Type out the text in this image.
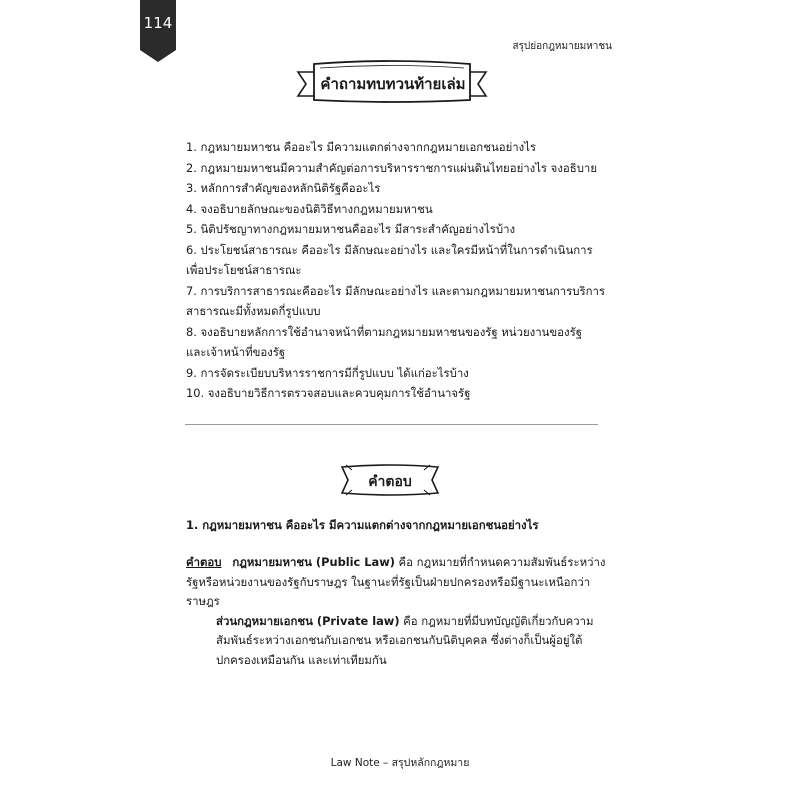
114
สรุปย่อกฎหมายมหาชน
คำถามทบทวนท้ายเล่ม

1. กฎหมายมหาชน คืออะไร มีความแตกต่างจากกฎหมายเอกชนอย่างไร

2. กฎหมายมหาชนมีความสำคัญต่อการบริหารราชการแผ่นดินไทยอย่างไร จงอธิบาย

3. หลักการสำคัญของหลักนิติรัฐคืออะไร

4. จงอธิบายลักษณะของนิติวิธีทางกฎหมายมหาชน

5. นิติปรัชญาทางกฎหมายมหาชนคืออะไร มีสาระสำคัญอย่างไรบ้าง

6. ประโยชน์สาธารณะ คืออะไร มีลักษณะอย่างไร และใครมีหน้าที่ในการดำเนินการเพื่อประโยชน์สาธารณะ

7. การบริการสาธารณะคืออะไร มีลักษณะอย่างไร และตามกฎหมายมหาชนการบริการสาธารณะมีทั้งหมดกี่รูปแบบ

8. จงอธิบายหลักการใช้อำนาจหน้าที่ตามกฎหมายมหาชนของรัฐ หน่วยงานของรัฐ และเจ้าหน้าที่ของรัฐ

9. การจัดระเบียบบริหารราชการมีกี่รูปแบบ ได้แก่อะไรบ้าง

10. จงอธิบายวิธีการตรวจสอบและควบคุมการใช้อำนาจรัฐ

คำตอบ
1. กฎหมายมหาชน คืออะไร มีความแตกต่างจากกฎหมายเอกชนอย่างไร

คำตอบ กฎหมายมหาชน (Public Law) คือ กฎหมายที่กำหนดความสัมพันธ์ระหว่างรัฐหรือหน่วยงานของรัฐกับราษฎร ในฐานะที่รัฐเป็นฝ่ายปกครองหรือมีฐานะเหนือกว่าราษฎร

ส่วนกฎหมายเอกชน (Private law) คือ กฎหมายที่มีบทบัญญัติเกี่ยวกับความสัมพันธ์ระหว่างเอกชนกับเอกชน หรือเอกชนกับนิติบุคคล ซึ่งต่างก็เป็นผู้อยู่ใต้ปกครองเหมือนกัน และเท่าเทียมกัน

Law Note – สรุปหลักกฎหมาย
